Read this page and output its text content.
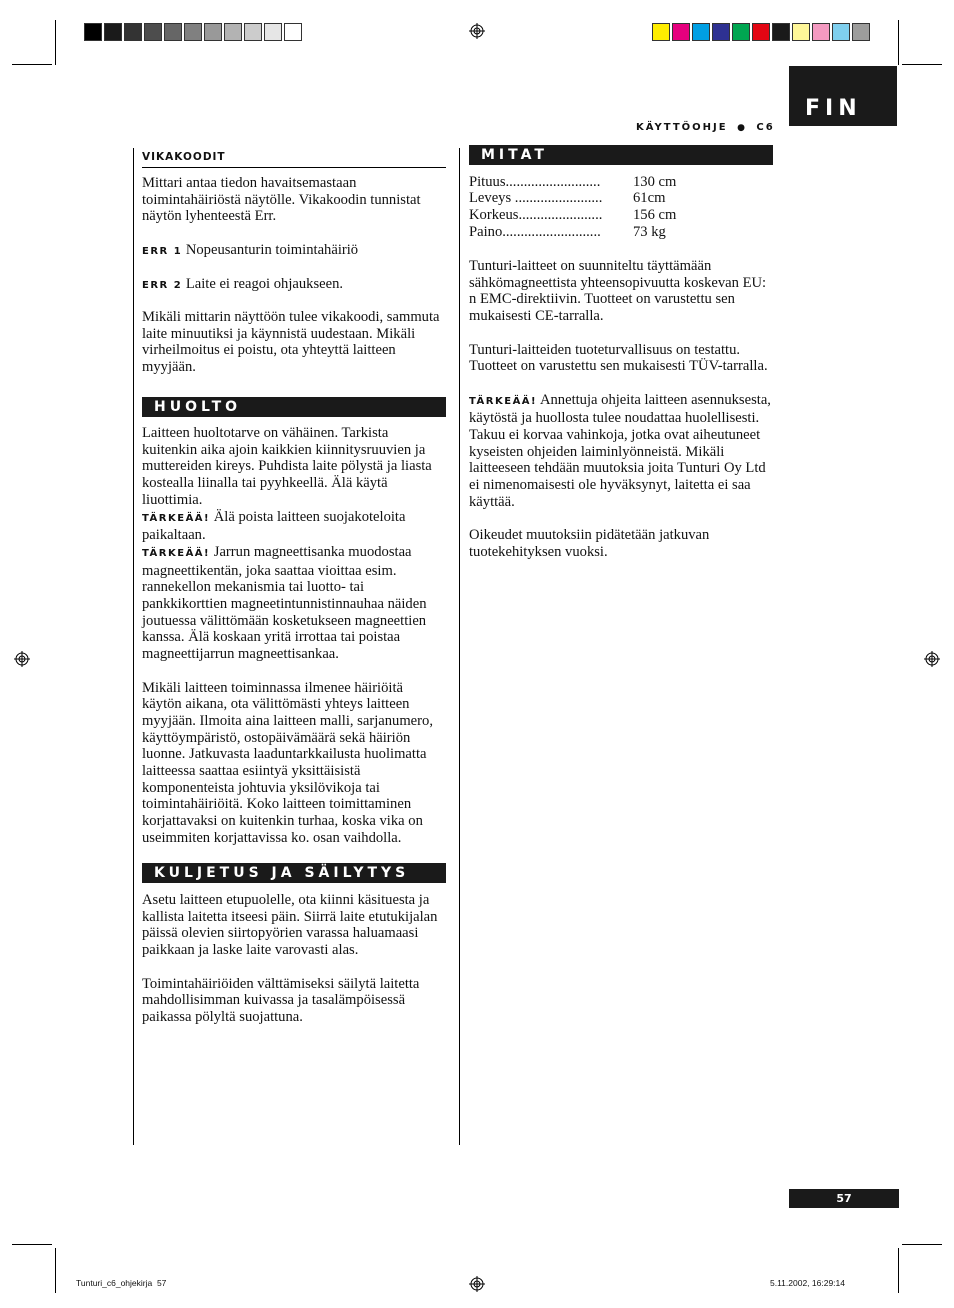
FIN
KÄYTTÖOHJE ● C6
VIKAKOODIT

Mittari antaa tiedon havaitsemastaan toimintahäiriöstä näytölle. Vikakoodin tunnistat näytön lyhenteestä Err.

ERR 1 Nopeusanturin toimintahäiriö
ERR 2 Laite ei reagoi ohjaukseen.

Mikäli mittarin näyttöön tulee vikakoodi, sammuta laite minuutiksi ja käynnistä uudestaan. Mikäli virheilmoitus ei poistu, ota yhteyttä laitteen myyjään.

HUOLTO

Laitteen huoltotarve on vähäinen. Tarkista kuitenkin aika ajoin kaikkien kiinnitysruuvien ja muttereiden kireys. Puhdista laite pölystä ja liasta kostealla liinalla tai pyyhkeellä. Älä käytä liuottimia.

TÄRKEÄÄ! Älä poista laitteen suojakoteloita paikaltaan.

TÄRKEÄÄ! Jarrun magneettisanka muodostaa magneettikentän, joka saattaa vioittaa esim. rannekellon mekanismia tai luotto- tai pankkikorttien magneetintunnistinnauhaa näiden joutuessa välittömään kosketukseen magneettien kanssa. Älä koskaan yritä irrottaa tai poistaa magneettijarrun magneettisankaa.

Mikäli laitteen toiminnassa ilmenee häiriöitä käytön aikana, ota välittömästi yhteys laitteen myyjään. Ilmoita aina laitteen malli, sarjanumero, käyttöympäristö, ostopäivämäärä sekä häiriön luonne. Jatkuvasta laaduntarkkailusta huolimatta laitteessa saattaa esiintyä yksittäisistä komponenteista johtuvia yksilövikoja tai toimintahäiriöitä. Koko laitteen toimittaminen korjattavaksi on kuitenkin turhaa, koska vika on useimmiten korjattavissa ko. osan vaihdolla.

KULJETUS JA SÄILYTYS

Asetu laitteen etupuolelle, ota kiinni käsituesta ja kallista laitetta itseesi päin. Siirrä laite etutukijalan päissä olevien siirtopyörien varassa haluamaasi paikkaan ja laske laite varovasti alas.

Toimintahäiriöiden välttämiseksi säilytä laitetta mahdollisimman kuivassa ja tasalämpöisessä paikassa pölyltä suojattuna.

MITAT
Pituus.......................... 130 cm
Leveys ........................ 61cm
Korkeus....................... 156 cm
Paino........................... 73 kg

Tunturi-laitteet on suunniteltu täyttämään sähkömagneettista yhteensopivuutta koskevan EU: n EMC-direktiivin. Tuotteet on varustettu sen mukaisesti CE-tarralla.

Tunturi-laitteiden tuoteturvallisuus on testattu. Tuotteet on varustettu sen mukaisesti TÜV-tarralla.

TÄRKEÄÄ! Annettuja ohjeita laitteen asennuksesta, käytöstä ja huollosta tulee noudattaa huolellisesti. Takuu ei korvaa vahinkoja, jotka ovat aiheutuneet kyseisten ohjeiden laiminlyönneistä. Mikäli laitteeseen tehdään muutoksia joita Tunturi Oy Ltd ei nimenomaisesti ole hyväksynyt, laitetta ei saa käyttää.

Oikeudet muutoksiin pidätetään jatkuvan tuotekehityksen vuoksi.

57
Tunturi_c6_ohjekirja  57	5.11.2002, 16:29:14
